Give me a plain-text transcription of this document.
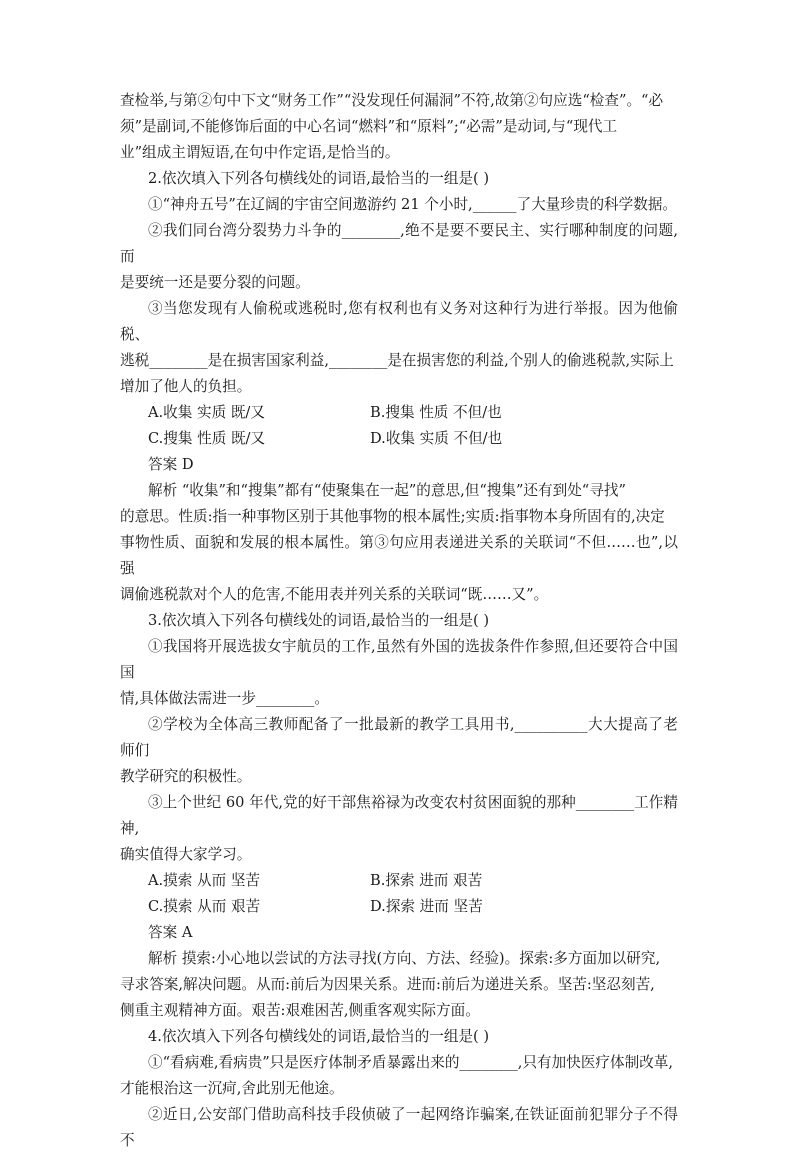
查检举,与第②句中下文“财务工作”“没发现任何漏洞”不符,故第②句应选“检查”。“必

须”是副词,不能修饰后面的中心名词“燃料”和“原料”;“必需”是动词,与“现代工

业”组成主谓短语,在句中作定语,是恰当的。

2.依次填入下列各句横线处的词语,最恰当的一组是( )

①“神舟五号”在辽阔的宇宙空间遨游约 21 个小时,______了大量珍贵的科学数据。

②我们同台湾分裂势力斗争的________,绝不是要不要民主、实行哪种制度的问题,而

是要统一还是要分裂的问题。

③当您发现有人偷税或逃税时,您有权利也有义务对这种行为进行举报。因为他偷税、

逃税________是在损害国家利益,________是在损害您的利益,个别人的偷逃税款,实际上

增加了他人的负担。

A.收集 实质 既/又	B.搜集 性质 不但/也
C.搜集 性质 既/又	D.收集 实质 不但/也

答案 D

解析 “收集”和“搜集”都有“使聚集在一起”的意思,但“搜集”还有到处“寻找”

的意思。性质:指一种事物区别于其他事物的根本属性;实质:指事物本身所固有的,决定

事物性质、面貌和发展的根本属性。第③句应用表递进关系的关联词“不但……也”,以强

调偷逃税款对个人的危害,不能用表并列关系的关联词“既……又”。

3.依次填入下列各句横线处的词语,最恰当的一组是( )

①我国将开展选拔女宇航员的工作,虽然有外国的选拔条件作参照,但还要符合中国国

情,具体做法需进一步________。

②学校为全体高三教师配备了一批最新的教学工具用书,__________大大提高了老师们

教学研究的积极性。

③上个世纪 60 年代,党的好干部焦裕禄为改变农村贫困面貌的那种________工作精神,

确实值得大家学习。

A.摸索 从而 坚苦	B.探索 进而 艰苦
C.摸索 从而 艰苦	D.探索 进而 坚苦

答案 A

解析 摸索:小心地以尝试的方法寻找(方向、方法、经验)。探索:多方面加以研究,

寻求答案,解决问题。从而:前后为因果关系。进而:前后为递进关系。坚苦:坚忍刻苦,

侧重主观精神方面。艰苦:艰难困苦,侧重客观实际方面。

4.依次填入下列各句横线处的词语,最恰当的一组是( )

①“看病难,看病贵”只是医疗体制矛盾暴露出来的________,只有加快医疗体制改革,

才能根治这一沉疴,舍此别无他途。

②近日,公安部门借助高科技手段侦破了一起网络诈骗案,在铁证面前犯罪分子不得不
